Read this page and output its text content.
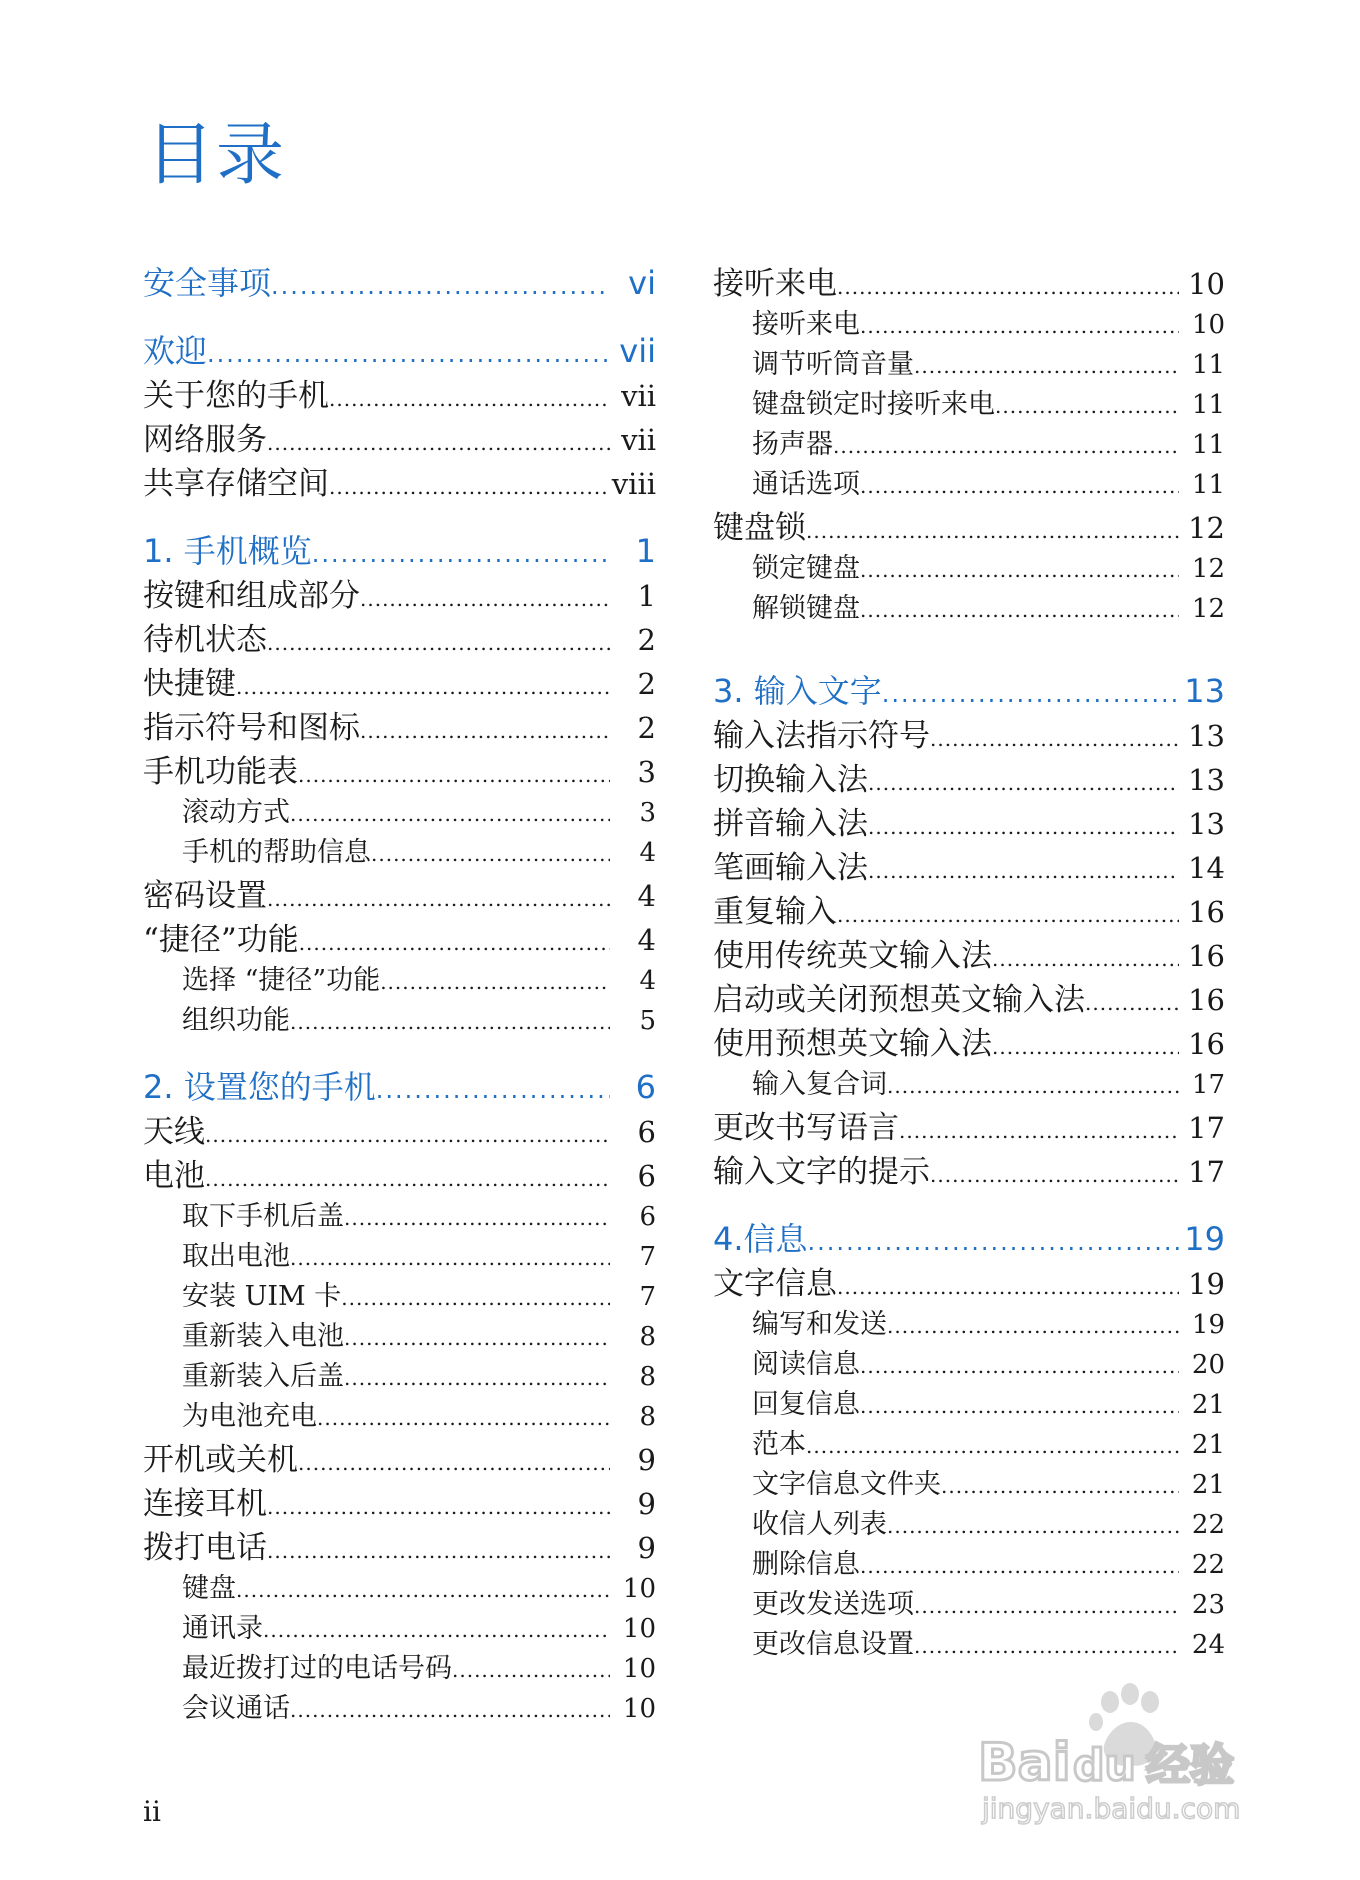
目录
安全事项 .....	vi
欢迎 .....	vii
关于您的手机 .....	vii
网络服务 .....	vii
共享存储空间 .....	viii
1. 手机概览 .....	1
按键和组成部分 .....	1
待机状态 .....	2
快捷键 .....	2
指示符号和图标 .....	2
手机功能表 .....	3
滚动方式 .....	3
手机的帮助信息 .....	4
密码设置 .....	4
“捷径”功能 .....	4
选择 “捷径”功能 .....	4
组织功能 .....	5
2. 设置您的手机 .....	6
天线 .....	6
电池 .....	6
取下手机后盖 .....	6
取出电池 .....	7
安装 UIM 卡 .....	7
重新装入电池 .....	8
重新装入后盖 .....	8
为电池充电 .....	8
开机或关机 .....	9
连接耳机 .....	9
拨打电话 .....	9
键盘 .....	10
通讯录 .....	10
最近拨打过的电话号码 .....	10
会议通话 .....	10
接听来电 .....	10
接听来电 .....	10
调节听筒音量 .....	11
键盘锁定时接听来电 .....	11
扬声器 .....	11
通话选项 .....	11
键盘锁 .....	12
锁定键盘 .....	12
解锁键盘 .....	12
3. 输入文字 .....	13
输入法指示符号 .....	13
切换输入法 .....	13
拼音输入法 .....	13
笔画输入法 .....	14
重复输入 .....	16
使用传统英文输入法 .....	16
启动或关闭预想英文输入法 .....	16
使用预想英文输入法 .....	16
输入复合词 .....	17
更改书写语言 .....	17
输入文字的提示 .....	17
4.信息 .....	19
文字信息 .....	19
编写和发送 .....	19
阅读信息 .....	20
回复信息 .....	21
范本 .....	21
文字信息文件夹 .....	21
收信人列表 .....	22
删除信息 .....	22
更改发送选项 .....	23
更改信息设置 .....	24
ii
Bai du 经验
jingyan.baidu.com
